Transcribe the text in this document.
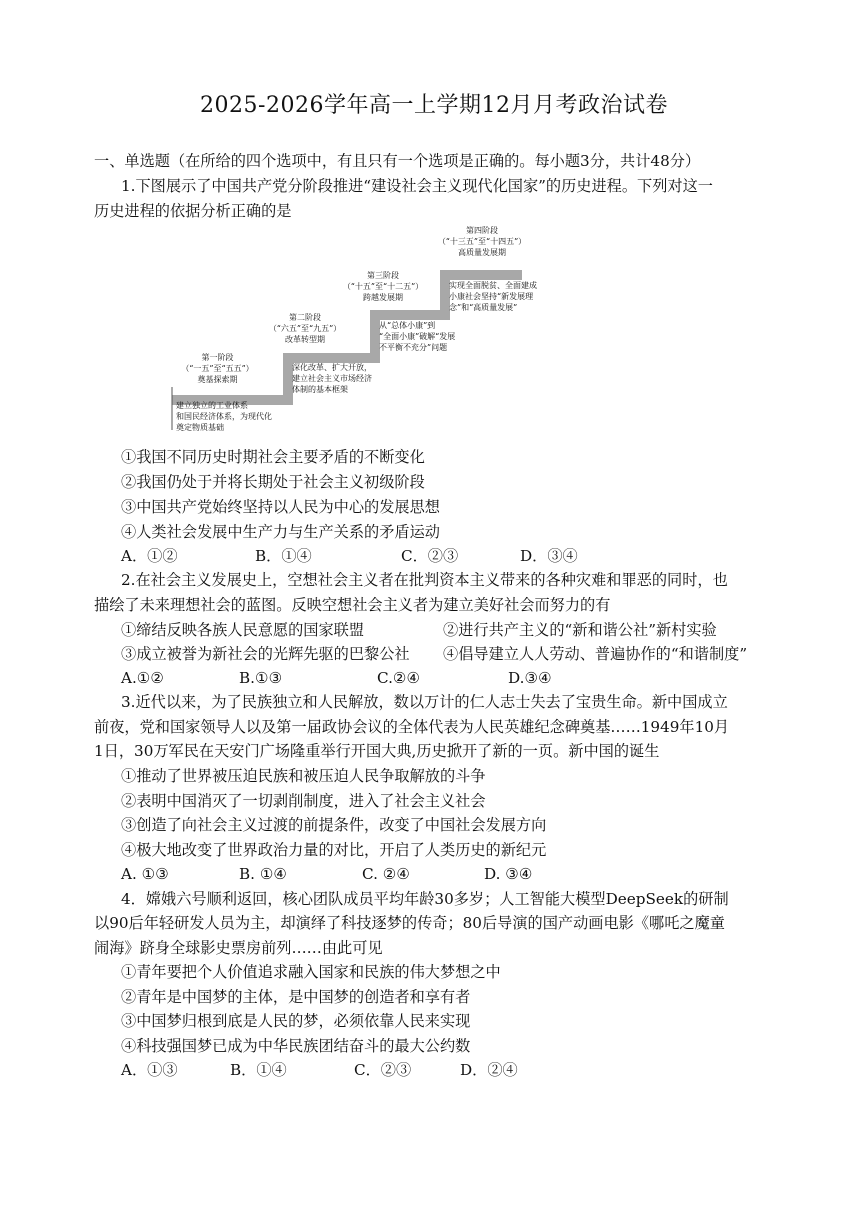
2025-2026学年高一上学期12月月考政治试卷
一、单选题（在所给的四个选项中，有且只有一个选项是正确的。每小题3分，共计48分）
1.下图展示了中国共产党分阶段推进“建设社会主义现代化国家”的历史进程。下列对这一
历史进程的依据分析正确的是
第四阶段
（“十三五”至“十四五”）
高质量发展期
第三阶段
（“十五”至“十二五”）
跨越发展期
第二阶段
（“六五”至“九五”）
改革转型期
第一阶段
（“一五”至“五五”）
奠基探索期
建立独立的工业体系
和国民经济体系，为现代化
奠定物质基础
深化改革、扩大开放，
建立社会主义市场经济
体制的基本框架
从“总体小康”到
“全面小康”破解“发展
不平衡不充分”问题
实现全面脱贫、全面建成
小康社会坚持“新发展理
念”和“高质量发展”
①我国不同历史时期社会主要矛盾的不断变化
②我国仍处于并将长期处于社会主义初级阶段
③中国共产党始终坚持以人民为中心的发展思想
④人类社会发展中生产力与生产关系的矛盾运动
A．①②	B．①④	C．②③	D．③④
2.在社会主义发展史上，空想社会主义者在批判资本主义带来的各种灾难和罪恶的同时，也
描绘了未来理想社会的蓝图。反映空想社会主义者为建立美好社会而努力的有
①缔结反映各族人民意愿的国家联盟	②进行共产主义的“新和谐公社”新村实验
③成立被誉为新社会的光辉先驱的巴黎公社 ④倡导建立人人劳动、普遍协作的“和谐制度”
A.①②	B.①③	C.②④	D.③④
3.近代以来，为了民族独立和人民解放，数以万计的仁人志士失去了宝贵生命。新中国成立
前夜，党和国家领导人以及第一届政协会议的全体代表为人民英雄纪念碑奠基……1949年10月
1日，30万军民在天安门广场隆重举行开国大典,历史掀开了新的一页。新中国的诞生
①推动了世界被压迫民族和被压迫人民争取解放的斗争
②表明中国消灭了一切剥削制度，进入了社会主义社会
③创造了向社会主义过渡的前提条件，改变了中国社会发展方向
④极大地改变了世界政治力量的对比，开启了人类历史的新纪元
A. ①③	B. ①④	C. ②④	D. ③④
4．嫦娥六号顺利返回，核心团队成员平均年龄30多岁；人工智能大模型DeepSeek的研制
以90后年轻研发人员为主，却演绎了科技逐梦的传奇；80后导演的国产动画电影《哪吒之魔童
闹海》跻身全球影史票房前列……由此可见
①青年要把个人价值追求融入国家和民族的伟大梦想之中
②青年是中国梦的主体，是中国梦的创造者和享有者
③中国梦归根到底是人民的梦，必须依靠人民来实现
④科技强国梦已成为中华民族团结奋斗的最大公约数
A．①③	B．①④	C．②③	D．②④
